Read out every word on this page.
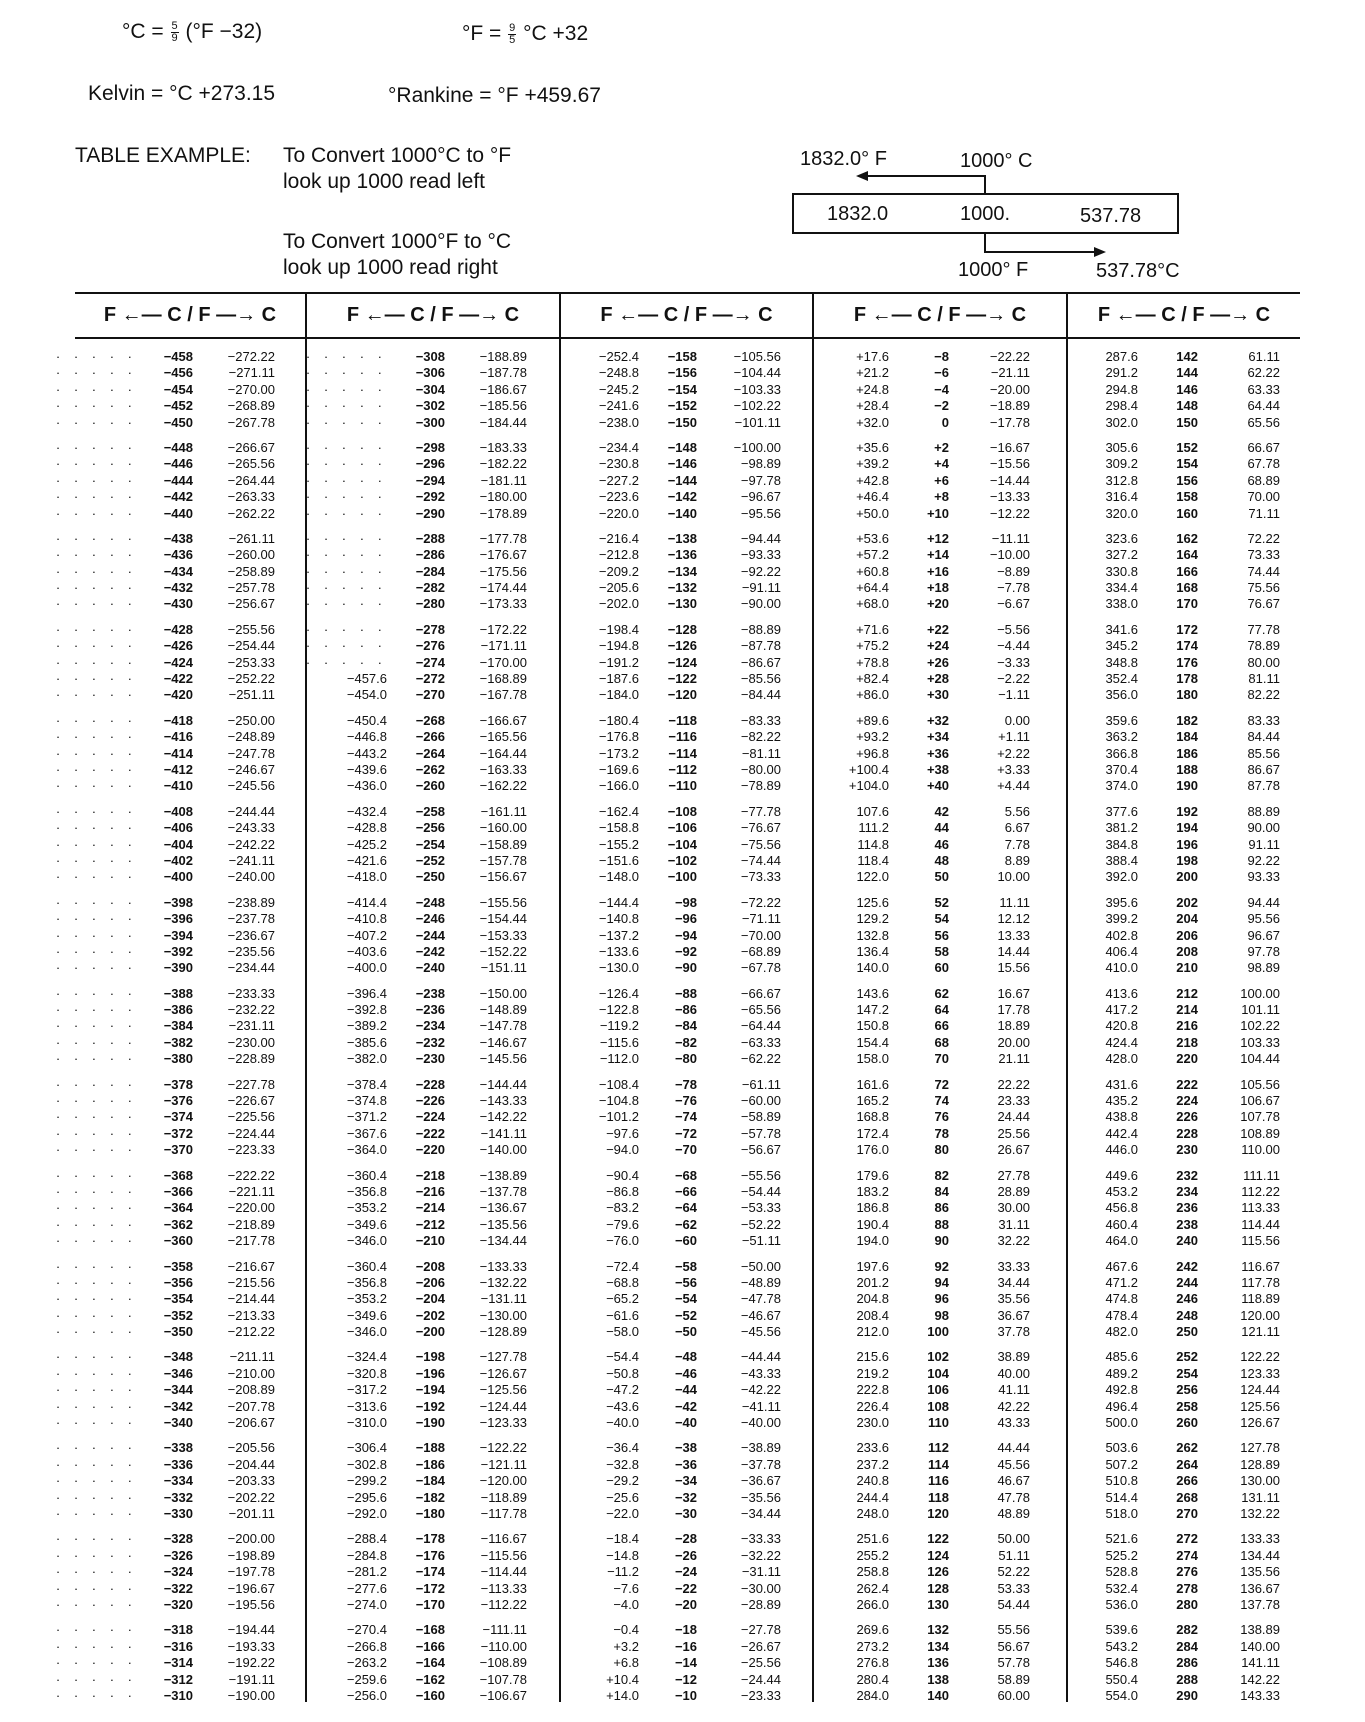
$^\circ C = \frac{5}{9} (^\circ F -32)$	$^\circ F = \frac{9}{5} ^\circ C +32$
Kelvin = °C +273.15	°Rankine = °F +459.67
TABLE EXAMPLE: To Convert 1000°C to °F
look up 1000 read left
To Convert 1000°F to °C
look up 1000 read right
1832.0° F	1000° C
1832.0	1000.	537.78
1000° F	537.78°C
F ←— C / F —→ C
· · · · · −458	−272.22
· · · · · −456	−271.11
· · · · · −454	−270.00
· · · · · −452	−268.89
· · · · · −450	−267.78
· · · · · −448	−266.67
· · · · · −446	−265.56
· · · · · −444	−264.44
· · · · · −442	−263.33
· · · · · −440	−262.22
· · · · · −438	−261.11
· · · · · −436	−260.00
· · · · · −434	−258.89
· · · · · −432	−257.78
· · · · · −430	−256.67
· · · · · −428	−255.56
· · · · · −426	−254.44
· · · · · −424	−253.33
· · · · · −422	−252.22
· · · · · −420	−251.11
· · · · · −418	−250.00
· · · · · −416	−248.89
· · · · · −414	−247.78
· · · · · −412	−246.67
· · · · · −410	−245.56
· · · · · −408	−244.44
· · · · · −406	−243.33
· · · · · −404	−242.22
· · · · · −402	−241.11
· · · · · −400	−240.00
· · · · · −398	−238.89
· · · · · −396	−237.78
· · · · · −394	−236.67
· · · · · −392	−235.56
· · · · · −390	−234.44
· · · · · −388	−233.33
· · · · · −386	−232.22
· · · · · −384	−231.11
· · · · · −382	−230.00
· · · · · −380	−228.89
· · · · · −378	−227.78
· · · · · −376	−226.67
· · · · · −374	−225.56
· · · · · −372	−224.44
· · · · · −370	−223.33
· · · · · −368	−222.22
· · · · · −366	−221.11
· · · · · −364	−220.00
· · · · · −362	−218.89
· · · · · −360	−217.78
· · · · · −358	−216.67
· · · · · −356	−215.56
· · · · · −354	−214.44
· · · · · −352	−213.33
· · · · · −350	−212.22
· · · · · −348	−211.11
· · · · · −346	−210.00
· · · · · −344	−208.89
· · · · · −342	−207.78
· · · · · −340	−206.67
· · · · · −338	−205.56
· · · · · −336	−204.44
· · · · · −334	−203.33
· · · · · −332	−202.22
· · · · · −330	−201.11
· · · · · −328	−200.00
· · · · · −326	−198.89
· · · · · −324	−197.78
· · · · · −322	−196.67
· · · · · −320	−195.56
· · · · · −318	−194.44
· · · · · −316	−193.33
· · · · · −314	−192.22
· · · · · −312	−191.11
· · · · · −310	−190.00
F ←— C / F —→ C
· · · · · −308	−188.89
· · · · · −306	−187.78
· · · · · −304	−186.67
· · · · · −302	−185.56
· · · · · −300	−184.44
· · · · · −298	−183.33
· · · · · −296	−182.22
· · · · · −294	−181.11
· · · · · −292	−180.00
· · · · · −290	−178.89
· · · · · −288	−177.78
· · · · · −286	−176.67
· · · · · −284	−175.56
· · · · · −282	−174.44
· · · · · −280	−173.33
· · · · · −278	−172.22
· · · · · −276	−171.11
· · · · · −274	−170.00
−457.6 −272	−168.89
−454.0 −270	−167.78
−450.4 −268	−166.67
−446.8 −266	−165.56
−443.2 −264	−164.44
−439.6 −262	−163.33
−436.0 −260	−162.22
−432.4 −258	−161.11
−428.8 −256	−160.00
−425.2 −254	−158.89
−421.6 −252	−157.78
−418.0 −250	−156.67
−414.4 −248	−155.56
−410.8 −246	−154.44
−407.2 −244	−153.33
−403.6 −242	−152.22
−400.0 −240	−151.11
−396.4 −238	−150.00
−392.8 −236	−148.89
−389.2 −234	−147.78
−385.6 −232	−146.67
−382.0 −230	−145.56
−378.4 −228	−144.44
−374.8 −226	−143.33
−371.2 −224	−142.22
−367.6 −222	−141.11
−364.0 −220	−140.00
−360.4 −218	−138.89
−356.8 −216	−137.78
−353.2 −214	−136.67
−349.6 −212	−135.56
−346.0 −210	−134.44
−360.4 −208	−133.33
−356.8 −206	−132.22
−353.2 −204	−131.11
−349.6 −202	−130.00
−346.0 −200	−128.89
−324.4 −198	−127.78
−320.8 −196	−126.67
−317.2 −194	−125.56
−313.6 −192	−124.44
−310.0 −190	−123.33
−306.4 −188	−122.22
−302.8 −186	−121.11
−299.2 −184	−120.00
−295.6 −182	−118.89
−292.0 −180	−117.78
−288.4 −178	−116.67
−284.8 −176	−115.56
−281.2 −174	−114.44
−277.6 −172	−113.33
−274.0 −170	−112.22
−270.4 −168	−111.11
−266.8 −166	−110.00
−263.2 −164	−108.89
−259.6 −162	−107.78
−256.0 −160	−106.67
F ←— C / F —→ C
−252.4 −158	−105.56
−248.8 −156	−104.44
−245.2 −154	−103.33
−241.6 −152	−102.22
−238.0 −150	−101.11
−234.4 −148	−100.00
−230.8 −146	−98.89
−227.2 −144	−97.78
−223.6 −142	−96.67
−220.0 −140	−95.56
−216.4 −138	−94.44
−212.8 −136	−93.33
−209.2 −134	−92.22
−205.6 −132	−91.11
−202.0 −130	−90.00
−198.4 −128	−88.89
−194.8 −126	−87.78
−191.2 −124	−86.67
−187.6 −122	−85.56
−184.0 −120	−84.44
−180.4 −118	−83.33
−176.8 −116	−82.22
−173.2 −114	−81.11
−169.6 −112	−80.00
−166.0 −110	−78.89
−162.4 −108	−77.78
−158.8 −106	−76.67
−155.2 −104	−75.56
−151.6 −102	−74.44
−148.0 −100	−73.33
−144.4	−98	−72.22
−140.8	−96	−71.11
−137.2	−94	−70.00
−133.6	−92	−68.89
−130.0	−90	−67.78
−126.4	−88	−66.67
−122.8	−86	−65.56
−119.2	−84	−64.44
−115.6	−82	−63.33
−112.0	−80	−62.22
−108.4	−78	−61.11
−104.8	−76	−60.00
−101.2	−74	−58.89
−97.6	−72	−57.78
−94.0	−70	−56.67
−90.4	−68	−55.56
−86.8	−66	−54.44
−83.2	−64	−53.33
−79.6	−62	−52.22
−76.0	−60	−51.11
−72.4	−58	−50.00
−68.8	−56	−48.89
−65.2	−54	−47.78
−61.6	−52	−46.67
−58.0	−50	−45.56
−54.4	−48	−44.44
−50.8	−46	−43.33
−47.2	−44	−42.22
−43.6	−42	−41.11
−40.0	−40	−40.00
−36.4	−38	−38.89
−32.8	−36	−37.78
−29.2	−34	−36.67
−25.6	−32	−35.56
−22.0	−30	−34.44
−18.4	−28	−33.33
−14.8	−26	−32.22
−11.2	−24	−31.11
−7.6	−22	−30.00
−4.0	−20	−28.89
−0.4	−18	−27.78
+3.2	−16	−26.67
+6.8	−14	−25.56
+10.4	−12	−24.44
+14.0	−10	−23.33
F ←— C / F —→ C
+17.6	−8	−22.22
+21.2	−6	−21.11
+24.8	−4	−20.00
+28.4	−2	−18.89
+32.0	0	−17.78
+35.6	+2	−16.67
+39.2	+4	−15.56
+42.8	+6	−14.44
+46.4	+8	−13.33
+50.0	+10	−12.22
+53.6	+12	−11.11
+57.2	+14	−10.00
+60.8	+16	−8.89
+64.4	+18	−7.78
+68.0	+20	−6.67
+71.6	+22	−5.56
+75.2	+24	−4.44
+78.8	+26	−3.33
+82.4	+28	−2.22
+86.0	+30	−1.11
+89.6	+32	0.00
+93.2	+34	+1.11
+96.8	+36	+2.22
+100.4	+38	+3.33
+104.0	+40	+4.44
107.6	42	5.56
111.2	44	6.67
114.8	46	7.78
118.4	48	8.89
122.0	50	10.00
125.6	52	11.11
129.2	54	12.12
132.8	56	13.33
136.4	58	14.44
140.0	60	15.56
143.6	62	16.67
147.2	64	17.78
150.8	66	18.89
154.4	68	20.00
158.0	70	21.11
161.6	72	22.22
165.2	74	23.33
168.8	76	24.44
172.4	78	25.56
176.0	80	26.67
179.6	82	27.78
183.2	84	28.89
186.8	86	30.00
190.4	88	31.11
194.0	90	32.22
197.6	92	33.33
201.2	94	34.44
204.8	96	35.56
208.4	98	36.67
212.0	100	37.78
215.6	102	38.89
219.2	104	40.00
222.8	106	41.11
226.4	108	42.22
230.0	110	43.33
233.6	112	44.44
237.2	114	45.56
240.8	116	46.67
244.4	118	47.78
248.0	120	48.89
251.6	122	50.00
255.2	124	51.11
258.8	126	52.22
262.4	128	53.33
266.0	130	54.44
269.6	132	55.56
273.2	134	56.67
276.8	136	57.78
280.4	138	58.89
284.0	140	60.00
F ←— C / F —→ C
287.6	142	61.11
291.2	144	62.22
294.8	146	63.33
298.4	148	64.44
302.0	150	65.56
305.6	152	66.67
309.2	154	67.78
312.8	156	68.89
316.4	158	70.00
320.0	160	71.11
323.6	162	72.22
327.2	164	73.33
330.8	166	74.44
334.4	168	75.56
338.0	170	76.67
341.6	172	77.78
345.2	174	78.89
348.8	176	80.00
352.4	178	81.11
356.0	180	82.22
359.6	182	83.33
363.2	184	84.44
366.8	186	85.56
370.4	188	86.67
374.0	190	87.78
377.6	192	88.89
381.2	194	90.00
384.8	196	91.11
388.4	198	92.22
392.0	200	93.33
395.6	202	94.44
399.2	204	95.56
402.8	206	96.67
406.4	208	97.78
410.0	210	98.89
413.6	212	100.00
417.2	214	101.11
420.8	216	102.22
424.4	218	103.33
428.0	220	104.44
431.6	222	105.56
435.2	224	106.67
438.8	226	107.78
442.4	228	108.89
446.0	230	110.00
449.6	232	111.11
453.2	234	112.22
456.8	236	113.33
460.4	238	114.44
464.0	240	115.56
467.6	242	116.67
471.2	244	117.78
474.8	246	118.89
478.4	248	120.00
482.0	250	121.11
485.6	252	122.22
489.2	254	123.33
492.8	256	124.44
496.4	258	125.56
500.0	260	126.67
503.6	262	127.78
507.2	264	128.89
510.8	266	130.00
514.4	268	131.11
518.0	270	132.22
521.6	272	133.33
525.2	274	134.44
528.8	276	135.56
532.4	278	136.67
536.0	280	137.78
539.6	282	138.89
543.2	284	140.00
546.8	286	141.11
550.4	288	142.22
554.0	290	143.33
